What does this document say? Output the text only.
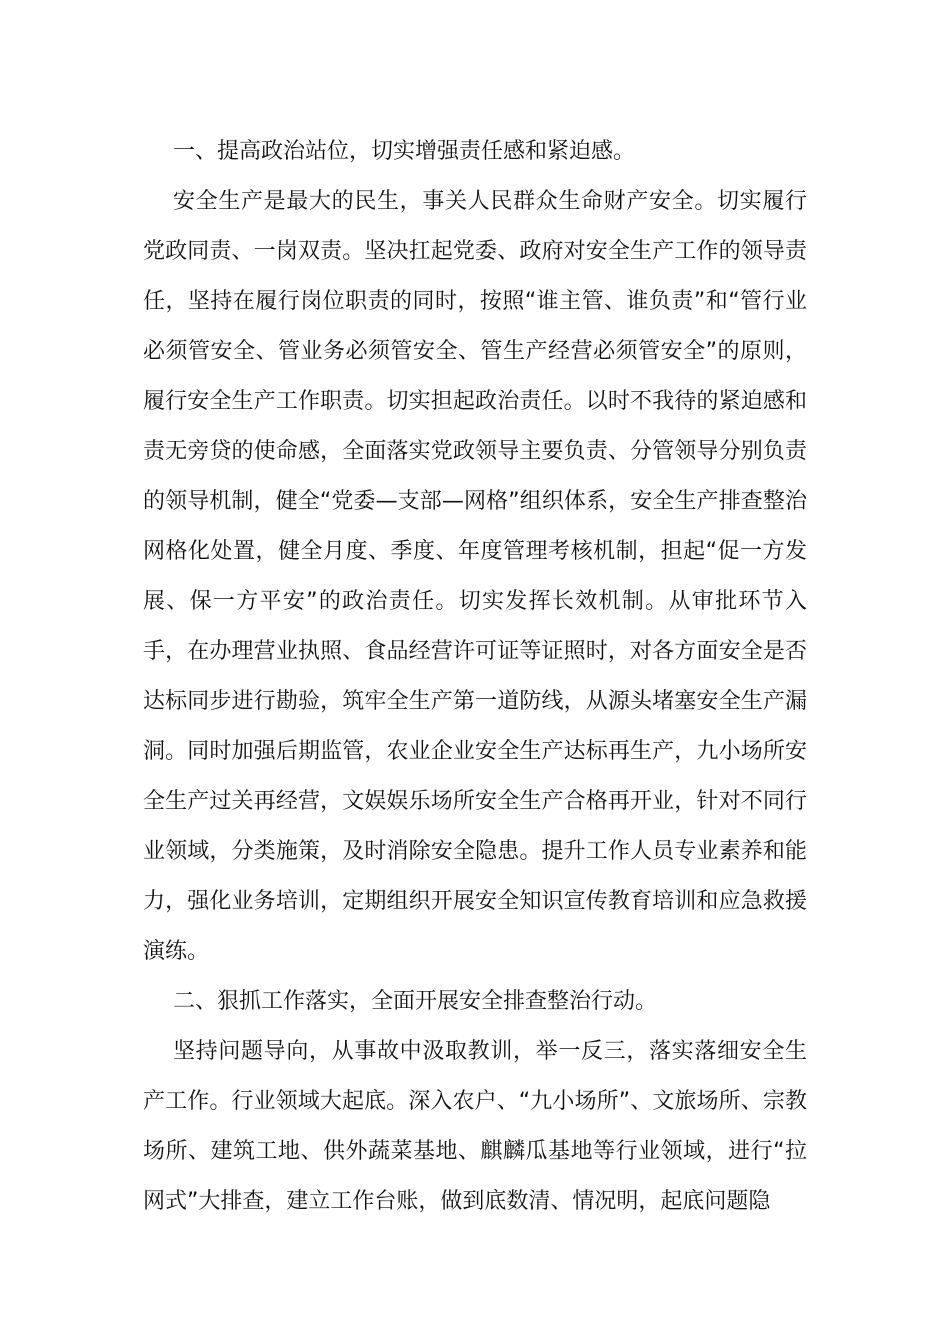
一、提高政治站位，切实增强责任感和紧迫感。

安全生产是最大的民生，事关人民群众生命财产安全。切实履行党政同责、一岗双责。坚决扛起党委、政府对安全生产工作的领导责任，坚持在履行岗位职责的同时，按照“谁主管、谁负责”和“管行业必须管安全、管业务必须管安全、管生产经营必须管安全”的原则，履行安全生产工作职责。切实担起政治责任。以时不我待的紧迫感和责无旁贷的使命感，全面落实党政领导主要负责、分管领导分别负责的领导机制，健全“党委—支部—网格”组织体系，安全生产排查整治网格化处置，健全月度、季度、年度管理考核机制，担起“促一方发展、保一方平安”的政治责任。切实发挥长效机制。从审批环节入手，在办理营业执照、食品经营许可证等证照时，对各方面安全是否达标同步进行勘验，筑牢全生产第一道防线，从源头堵塞安全生产漏洞。同时加强后期监管，农业企业安全生产达标再生产，九小场所安全生产过关再经营，文娱娱乐场所安全生产合格再开业，针对不同行业领域，分类施策，及时消除安全隐患。提升工作人员专业素养和能力，强化业务培训，定期组织开展安全知识宣传教育培训和应急救援演练。

二、狠抓工作落实，全面开展安全排查整治行动。

坚持问题导向，从事故中汲取教训，举一反三，落实落细安全生产工作。行业领域大起底。深入农户、“九小场所”、文旅场所、宗教场所、建筑工地、供外蔬菜基地、麒麟瓜基地等行业领域，进行“拉网式”大排查，建立工作台账，做到底数清、情况明，起底问题隐
